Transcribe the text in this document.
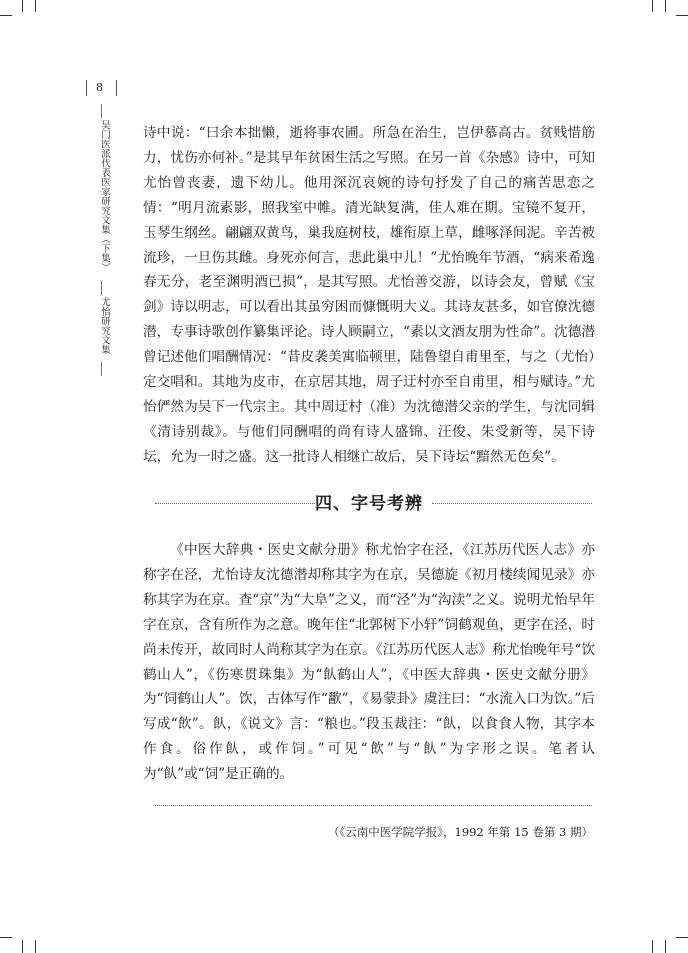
8
吴门医派代表医家研究文集（下集）
尤怡研究文集

诗中说：“曰余本拙懒，逝将事农圃。所急在治生，岂伊慕高古。贫贱惜筋力，忧伤亦何补。”是其早年贫困生活之写照。在另一首《杂感》诗中，可知尤怡曾丧妻，遗下幼儿。他用深沉哀婉的诗句抒发了自己的痛苦思恋之情：“明月流素影，照我室中帷。清光缺复满，佳人难在期。宝镜不复开，玉琴生纲丝。翩翩双黄鸟，巢我庭树枝，雄衔原上草，雌啄泽间泥。辛苦被流珍，一旦伤其雌。身死亦何言，悲此巢中儿！”尤怡晚年节酒，“病来希逸春无分，老至渊明酒已损”，是其写照。尤怡善交游，以诗会友，曾赋《宝剑》诗以明志，可以看出其虽穷困而慷慨明大义。其诗友甚多，如官僚沈德潜，专事诗歌创作纂集评论。诗人顾嗣立，“素以文酒友朋为性命”。沈德潜曾记述他们唱酬情况：“昔皮袭美寓临顿里，陆鲁望自甫里至，与之（尤怡）定交唱和。其地为皮市，在京居其地，周子迂村亦至自甫里，相与赋诗。”尤怡俨然为吴下一代宗主。其中周迂村（准）为沈德潜父亲的学生，与沈同辑《清诗别裁》。与他们同酬唱的尚有诗人盛锦、汪俊、朱受新等，吴下诗坛，允为一时之盛。这一批诗人相继亡故后，吴下诗坛“黯然无色矣”。

四、字号考辨

《中医大辞典・医史文献分册》称尤怡字在泾，《江苏历代医人志》亦称字在泾，尤怡诗友沈德潜却称其字为在京，吴德旋《初月楼续闻见录》亦称其字为在京。查“京”为“大阜”之义，而“泾”为“沟渎”之义。说明尤怡早年字在京，含有所作为之意。晚年住“北郭树下小轩”饲鹤观鱼，更字在泾，时尚未传开，故同时人尚称其字为在京。《江苏历代医人志》称尤怡晚年号“饮鹤山人”，《伤寒贯珠集》为“飤鹤山人”，《中医大辞典・医史文献分册》为“饲鹤山人”。饮，古体写作“歠”，《易蒙卦》虞注曰：“水流入口为饮。”后写成“飲”。飤，《说文》言：“粮也。”段玉裁注：“飤，以食食人物，其字本作食。俗作飤，或作饲。”可见“飲”与“飤”为字形之误。笔者认为“飤”或“饲”是正确的。

（《云南中医学院学报》，1992 年第 15 卷第 3 期）
